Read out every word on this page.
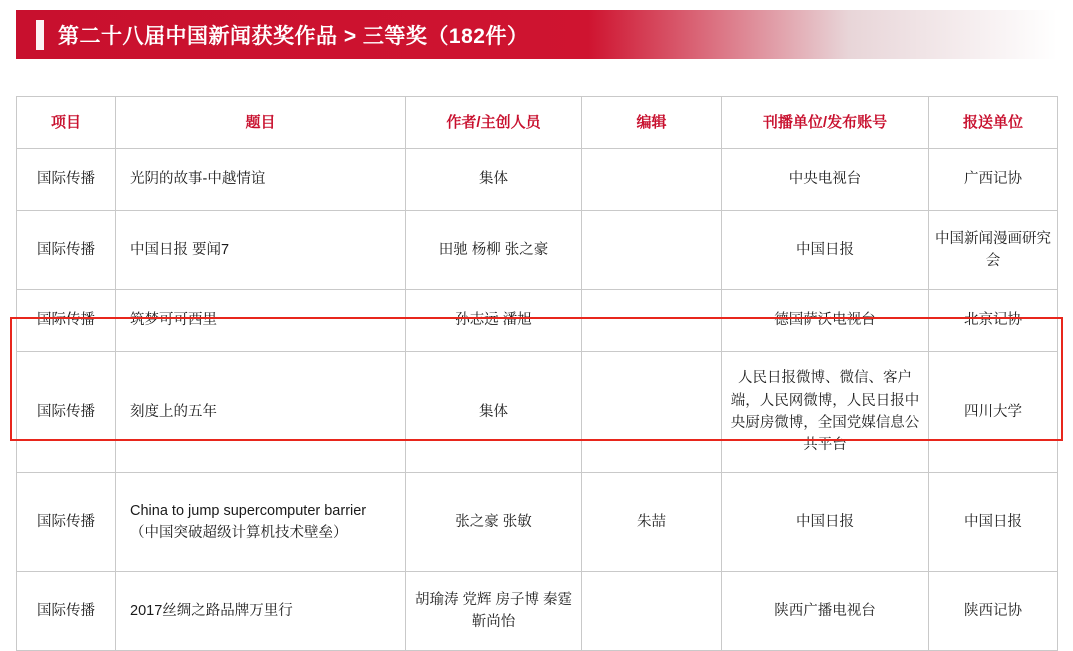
第二十八届中国新闻获奖作品 > 三等奖（182件）
项目	题目	作者/主创人员	编辑	刊播单位/发布账号	报送单位
国际传播	光阴的故事-中越情谊	集体		中央电视台	广西记协
国际传播	中国日报 要闻7	田驰 杨柳 张之豪		中国日报	中国新闻漫画研究会
国际传播	筑梦可可西里	孙志远 潘旭		德国萨沃电视台	北京记协
国际传播	刻度上的五年	集体		人民日报微博、微信、客户端，人民网微博，人民日报中央厨房微博，全国党媒信息公共平台	四川大学
国际传播	China to jump supercomputer barrier（中国突破超级计算机技术壁垒）	张之豪 张敏	朱喆	中国日报	中国日报
国际传播	2017丝绸之路品牌万里行	胡瑜涛 党辉 房子博 秦霆 靳尚怡		陕西广播电视台	陕西记协
